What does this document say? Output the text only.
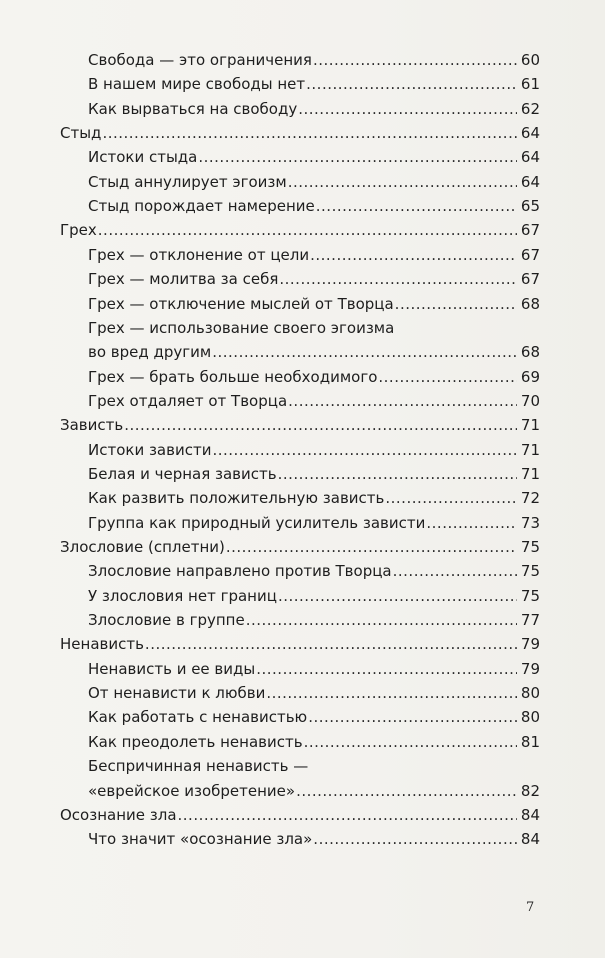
Свобода — это ограничения .....	60
В нашем мире свободы нет .....	61
Как вырваться на свободу .....	62
Стыд .....	64
Истоки стыда .....	64
Стыд аннулирует эгоизм .....	64
Стыд порождает намерение .....	65
Грех .....	67
Грех — отклонение от цели .....	67
Грех — молитва за себя .....	67
Грех — отключение мыслей от Творца .....	68
Грех — использование своего эгоизма
во вред другим .....	68
Грех — брать больше необходимого .....	69
Грех отдаляет от Творца .....	70
Зависть .....	71
Истоки зависти .....	71
Белая и черная зависть .....	71
Как развить положительную зависть .....	72
Группа как природный усилитель зависти .....	73
Злословие (сплетни) .....	75
Злословие направлено против Творца .....	75
У злословия нет границ .....	75
Злословие в группе .....	77
Ненависть .....	79
Ненависть и ее виды .....	79
От ненависти к любви .....	80
Как работать с ненавистью .....	80
Как преодолеть ненависть .....	81
Беспричинная ненависть —
«еврейское изобретение» .....	82
Осознание зла .....	84
Что значит «осознание зла» .....	84
7
